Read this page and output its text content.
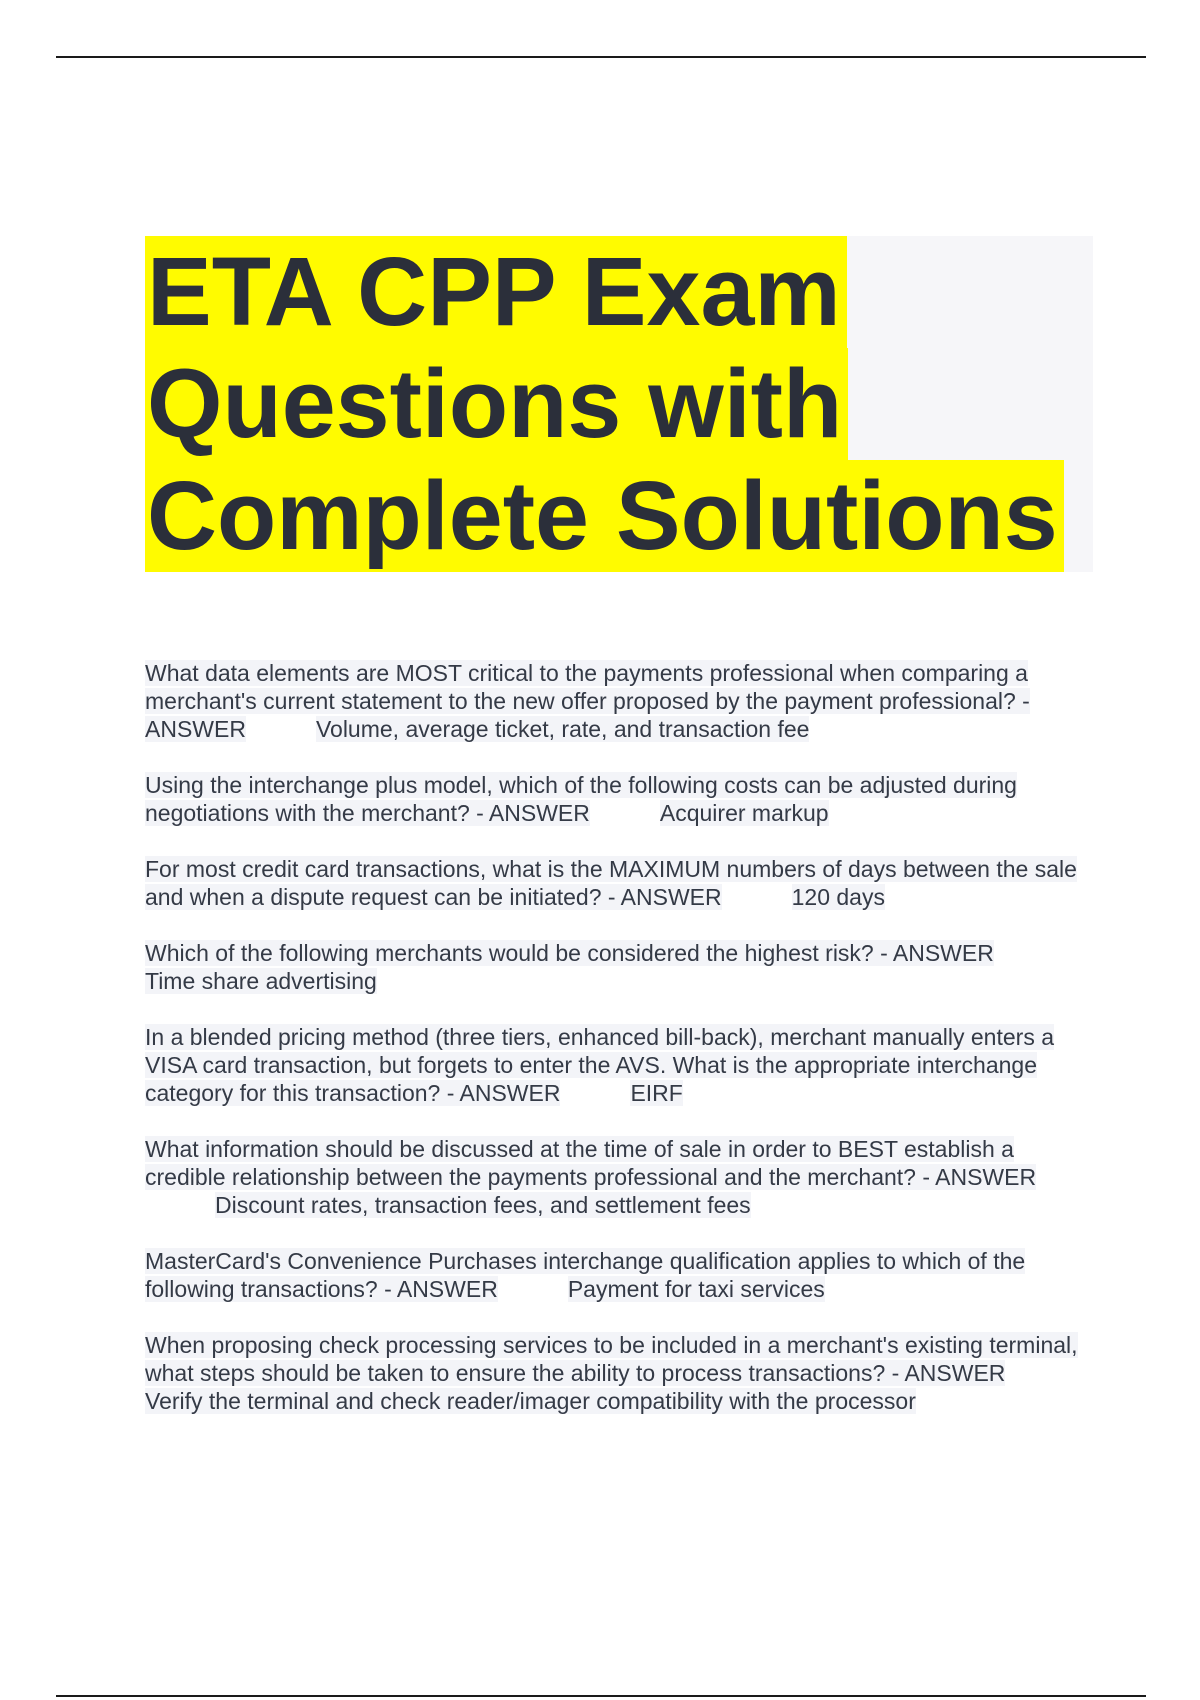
ETA CPP Exam
Questions with
Complete Solutions

What data elements are MOST critical to the payments professional when comparing a merchant's current statement to the new offer proposed by the payment professional? - ANSWER	Volume, average ticket, rate, and transaction fee

Using the interchange plus model, which of the following costs can be adjusted during negotiations with the merchant? - ANSWER	Acquirer markup

For most credit card transactions, what is the MAXIMUM numbers of days between the sale and when a dispute request can be initiated? - ANSWER	120 days

Which of the following merchants would be considered the highest risk? - ANSWERTime share advertising

In a blended pricing method (three tiers, enhanced bill-back), merchant manually enters a VISA card transaction, but forgets to enter the AVS. What is the appropriate interchange category for this transaction? - ANSWER	EIRF

What information should be discussed at the time of sale in order to BEST establish a credible relationship between the payments professional and the merchant? - ANSWERDiscount rates, transaction fees, and settlement fees

MasterCard's Convenience Purchases interchange qualification applies to which of the following transactions? - ANSWER	Payment for taxi services

When proposing check processing services to be included in a merchant's existing terminal, what steps should be taken to ensure the ability to process transactions? - ANSWERVerify the terminal and check reader/imager compatibility with the processor
